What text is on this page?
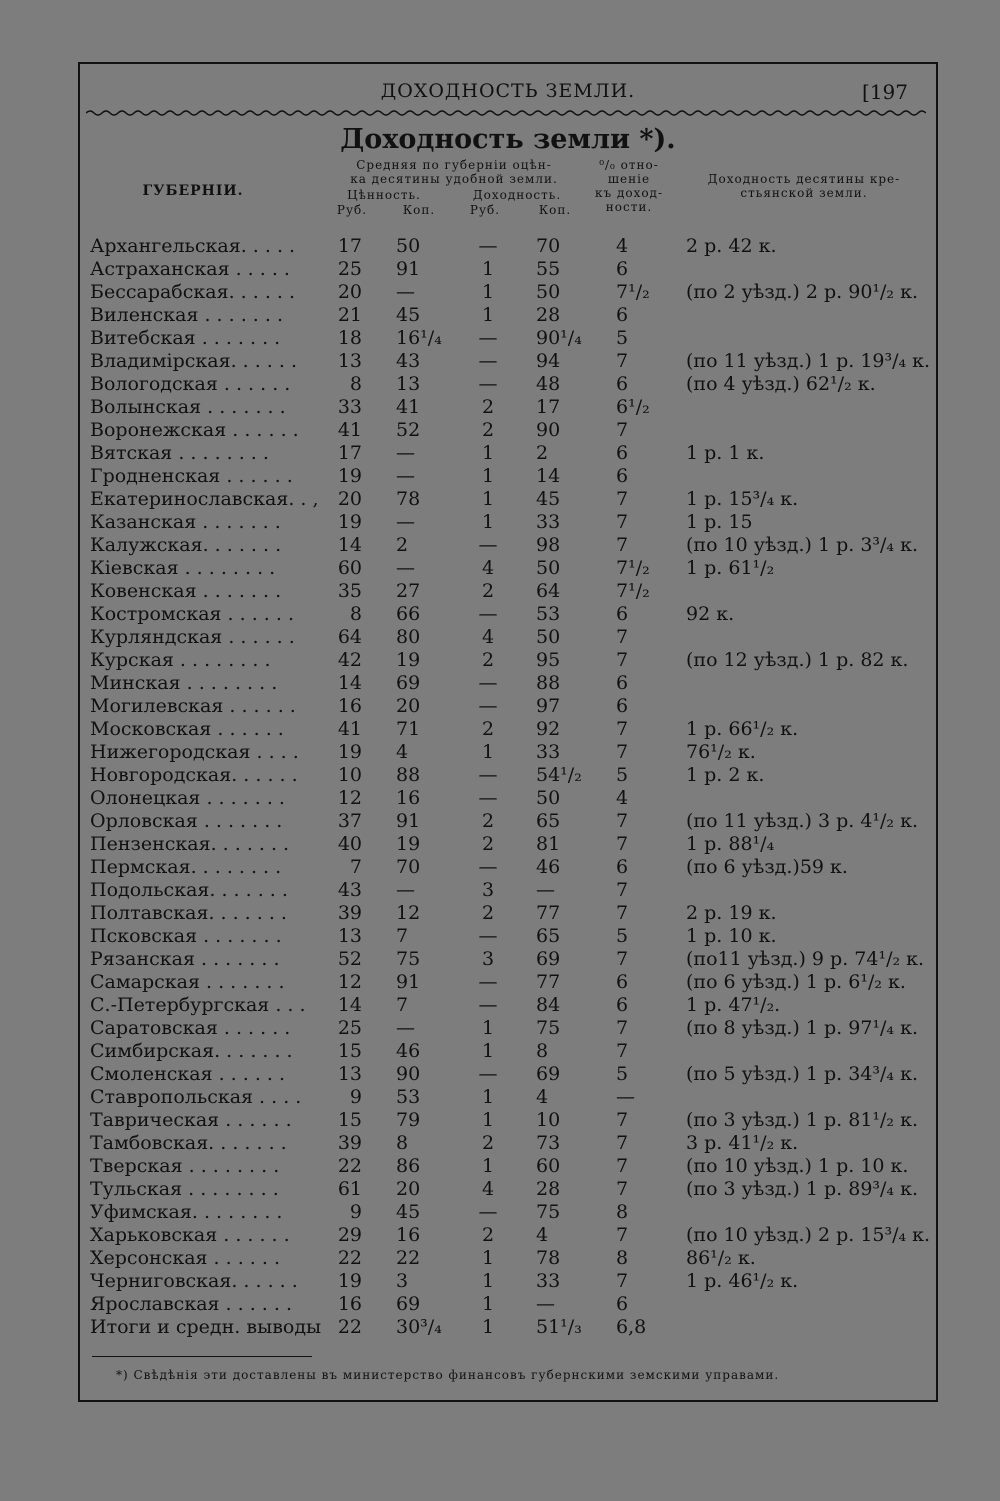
ДОХОДНОСТЬ ЗЕМЛИ.	[197
Доходность земли *).
ГУБЕРНІИ.
Средняя по губерніи оцѣн-
ка десятины удобной земли.
Цѣнность.	Доходность.
Руб.	Коп.	Руб.	Коп.
⁰/₀ отно-
шеніе
къ доход-
ности.
Доходность десятины кре-
стьянской земли.
Архангельская. . . . .	17 50	—	70	4	2 р. 42 к.
Астраханская . . . . .	25 91	1	55	6
Бессарабская. . . . . .	20 —	1	50	7¹/₂	(по 2 уѣзд.) 2 р. 90¹/₂ к.
Виленская . . . . . . .	21 45	1	28	6
Витебская . . . . . . .	18 16¹/₄	—	90¹/₄	5
Владимірская. . . . . .	13 43	—	94	7	(по 11 уѣзд.) 1 р. 19³/₄ к.
Вологодская . . . . . .	8 13	—	48	6	(по 4 уѣзд.) 62¹/₂ к.
Волынская . . . . . . .	33 41	2	17	6¹/₂
Воронежская . . . . . .	41 52	2	90	7
Вятская . . . . . . . .	17 —	1	2	6	1 р. 1 к.
Гродненская . . . . . .	19 —	1	14	6
Екатеринославская. . ,	20 78	1	45	7	1 р. 15³/₄ к.
Казанская . . . . . . .	19 —	1	33	7	1 р. 15
Калужская. . . . . . .	14 2	—	98	7	(по 10 уѣзд.) 1 р. 3³/₄ к.
Кіевская . . . . . . . .	60 —	4	50	7¹/₂	1 р. 61¹/₂
Ковенская . . . . . . .	35 27	2	64	7¹/₂
Костромская . . . . . .	8 66	—	53	6	92 к.
Курляндская . . . . . .	64 80	4	50	7
Курская . . . . . . . .	42 19	2	95	7	(по 12 уѣзд.) 1 р. 82 к.
Минская . . . . . . . .	14 69	—	88	6
Могилевская . . . . . .	16 20	—	97	6
Московская . . . . . .	41 71	2	92	7	1 р. 66¹/₂ к.
Нижегородская . . . .	19 4	1	33	7	76¹/₂ к.
Новгородская. . . . . .	10 88	—	54¹/₂	5	1 р. 2 к.
Олонецкая . . . . . . .	12 16	—	50	4
Орловская . . . . . . .	37 91	2	65	7	(по 11 уѣзд.) 3 р. 4¹/₂ к.
Пензенская. . . . . . .	40 19	2	81	7	1 р. 88¹/₄
Пермская. . . . . . . .	7 70	—	46	6	(по 6 уѣзд.)59 к.
Подольская. . . . . . .	43 —	3	—	7
Полтавская. . . . . . .	39 12	2	77	7	2 р. 19 к.
Псковская . . . . . . .	13 7	—	65	5	1 р. 10 к.
Рязанская . . . . . . .	52 75	3	69	7	(по11 уѣзд.) 9 р. 74¹/₂ к.
Самарская . . . . . . .	12 91	—	77	6	(по 6 уѣзд.) 1 р. 6¹/₂ к.
С.-Петербургская . . .	14 7	—	84	6	1 р. 47¹/₂.
Саратовская . . . . . .	25 —	1	75	7	(по 8 уѣзд.) 1 р. 97¹/₄ к.
Симбирская. . . . . . .	15 46	1	8	7
Смоленская . . . . . .	13 90	—	69	5	(по 5 уѣзд.) 1 р. 34³/₄ к.
Ставропольская . . . .	9 53	1	4	—
Таврическая . . . . . .	15 79	1	10	7	(по 3 уѣзд.) 1 р. 81¹/₂ к.
Тамбовская. . . . . . .	39 8	2	73	7	3 р. 41¹/₂ к.
Тверская . . . . . . . .	22 86	1	60	7	(по 10 уѣзд.) 1 р. 10 к.
Тульская . . . . . . . .	61 20	4	28	7	(по 3 уѣзд.) 1 р. 89³/₄ к.
Уфимская. . . . . . . .	9 45	—	75	8
Харьковская . . . . . .	29 16	2	4	7	(по 10 уѣзд.) 2 р. 15³/₄ к.
Херсонская . . . . . .	22 22	1	78	8	86¹/₂ к.
Черниговская. . . . . .	19 3	1	33	7	1 р. 46¹/₂ к.
Ярославская . . . . . .	16 69	1	—	6
Итоги и средн. выводы 22 30³/₄	1	51¹/₃	6,8
*) Свѣдѣнія эти доставлены въ министерство финансовъ губернскими земскими управами.
